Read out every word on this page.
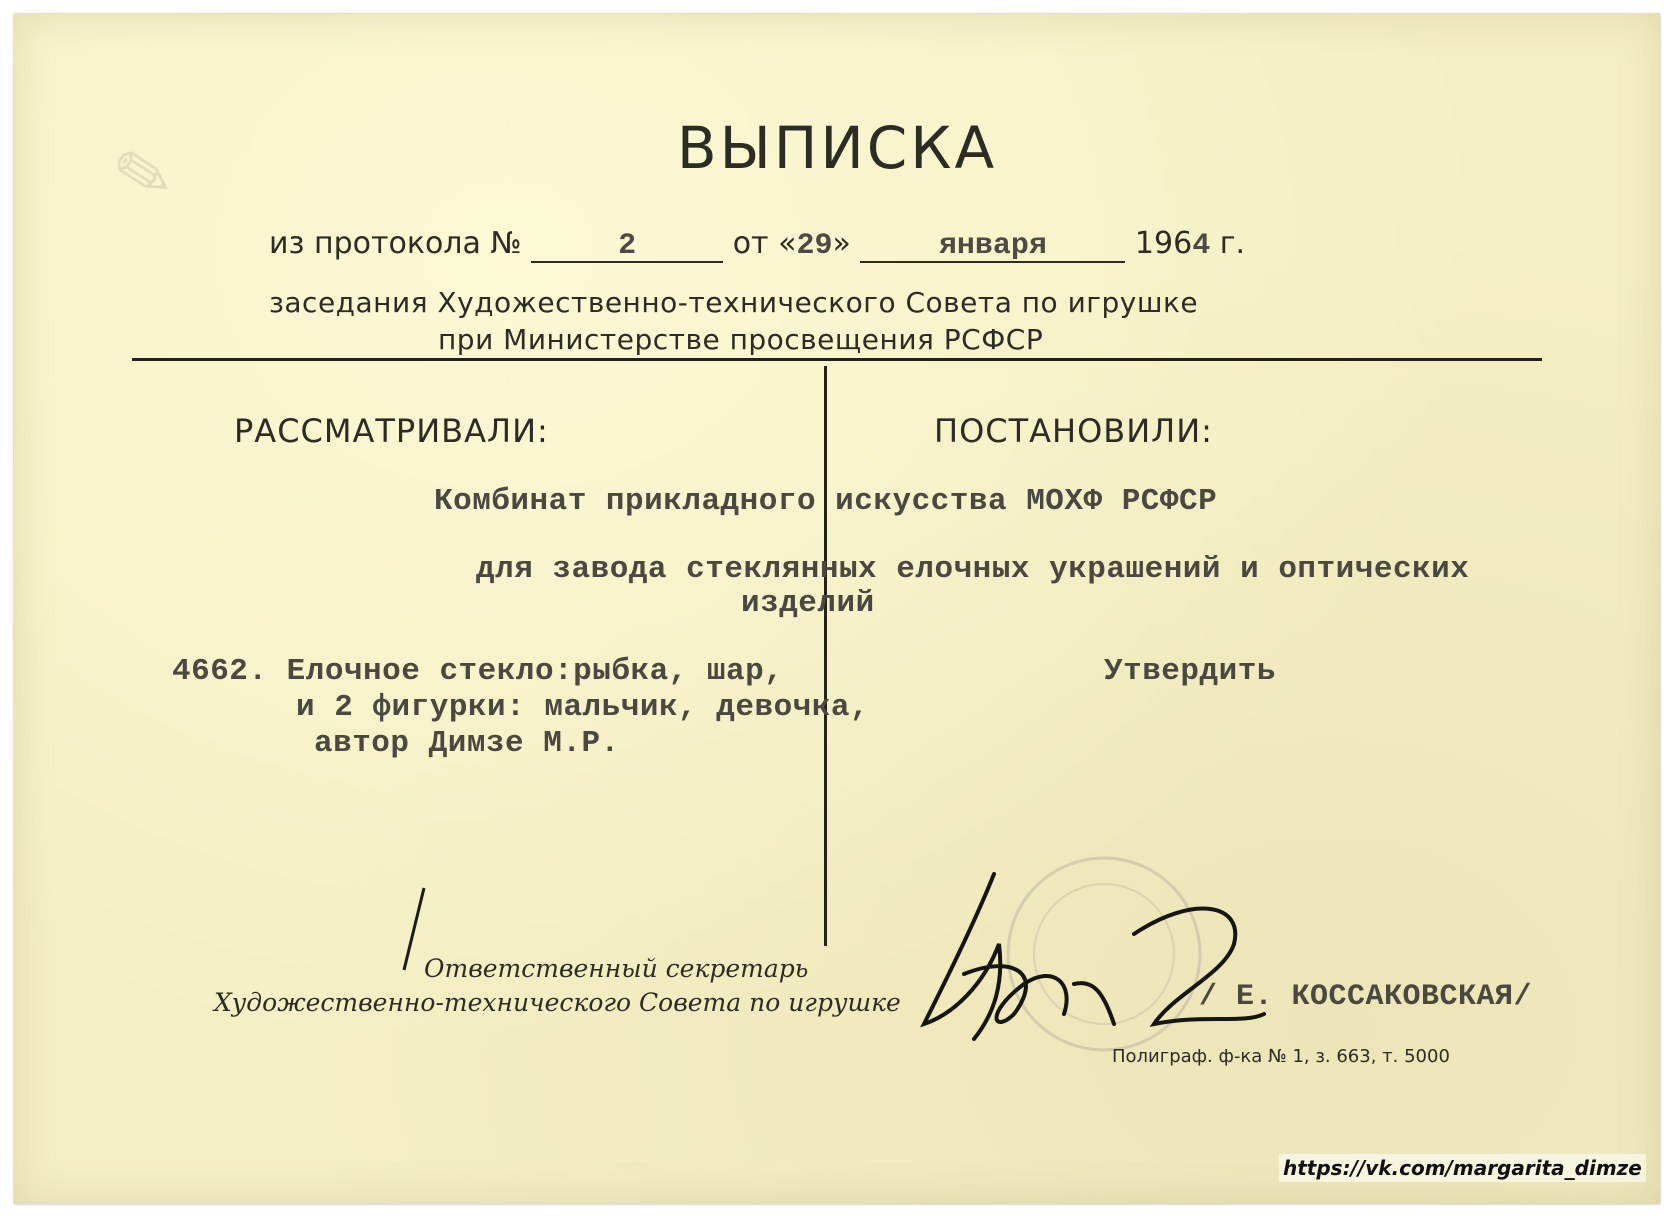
✎	ВЫПИСКА
из протокола №	2	от «29»	января	1964 г.
заседания Художественно-технического Совета по игрушке
при Министерстве просвещения РСФСР
РАССМАТРИВАЛИ:	ПОСТАНОВИЛИ:
Комбинат прикладного искусства МОХФ РСФСР
для завода стеклянных елочных украшений и оптических
изделий
4662. Елочное стекло:рыбка, шар,
и 2 фигурки: мальчик, девочка,
автор Димзе М.Р.
Утвердить
Ответственный секретарь
Художественно-технического Совета по игрушке	/ Е. КОССАКОВСКАЯ/
Полиграф. ф-ка № 1, з. 663, т. 5000
https://vk.com/margarita_dimze
